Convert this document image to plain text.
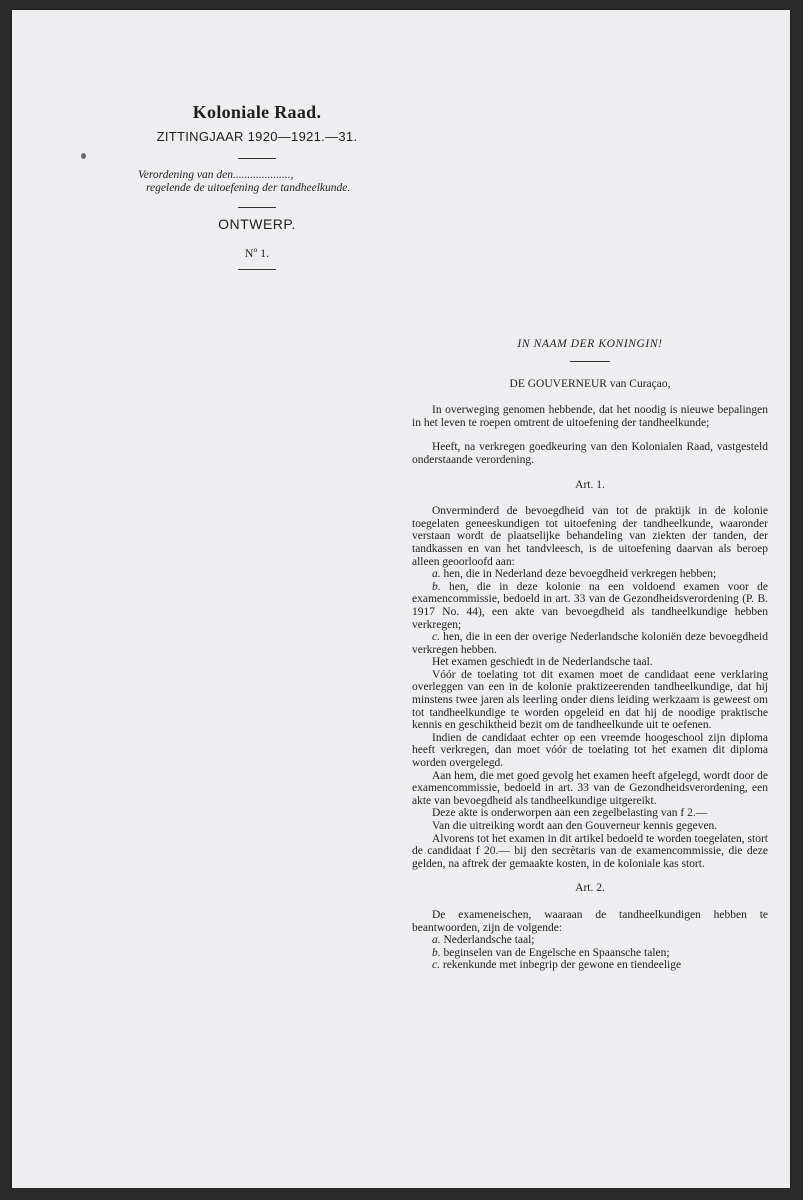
Koloniale Raad.
ZITTINGJAAR 1920—1921.—31.
Verordening van den....................,
regelende de uitoefening der tandheelkunde.
ONTWERP.
Nº 1.
IN NAAM DER KONINGIN!
DE GOUVERNEUR van Curaçao,

In overweging genomen hebbende, dat het noodig is nieuwe bepalingen in het leven te roepen omtrent de uitoefening der tandheelkunde;

Heeft, na verkregen goedkeuring van den Kolonialen Raad, vastgesteld onderstaande verordening.

Art. 1.

Onverminderd de bevoegdheid van tot de praktijk in de kolonie toegelaten geneeskundigen tot uitoefening der tandheelkunde, waaronder verstaan wordt de plaatselijke behandeling van ziekten der tanden, der tandkassen en van het tandvleesch, is de uitoefening daarvan als beroep alleen geoorloofd aan:

a. hen, die in Nederland deze bevoegdheid verkregen hebben;

b. hen, die in deze kolonie na een voldoend examen voor de examencommissie, bedoeld in art. 33 van de Gezondheidsverordening (P. B. 1917 No. 44), een akte van bevoegdheid als tandheelkundige hebben verkregen;

c. hen, die in een der overige Nederlandsche koloniën deze bevoegdheid verkregen hebben.

Het examen geschiedt in de Nederlandsche taal.

Vóór de toelating tot dit examen moet de candidaat eene verklaring overleggen van een in de kolonie praktizeerenden tandheelkundige, dat hij minstens twee jaren als leerling onder diens leiding werkzaam is geweest om tot tandheelkundige te worden opgeleid en dat hij de noodige praktische kennis en geschiktheid bezit om de tandheelkunde uit te oefenen.

Indien de candidaat echter op een vreemde hoogeschool zijn diploma heeft verkregen, dan moet vóór de toelating tot het examen dit diploma worden overgelegd.

Aan hem, die met goed gevolg het examen heeft afgelegd, wordt door de examencommissie, bedoeld in art. 33 van de Gezondheidsverordening, een akte van bevoegdheid als tandheelkundige uitgereikt.

Deze akte is onderworpen aan een zegelbelasting van f 2.—

Van die uitreiking wordt aan den Gouverneur kennis gegeven.

Alvorens tot het examen in dit artikel bedoeld te worden toegelaten, stort de candidaat f 20.— bij den secrètaris van de examencommissie, die deze gelden, na aftrek der gemaakte kosten, in de koloniale kas stort.

Art. 2.

De exameneischen, waaraan de tandheelkundigen hebben te beantwoorden, zijn de volgende:

a. Nederlandsche taal;

b. beginselen van de Engelsche en Spaansche talen;

c. rekenkunde met inbegrip der gewone en tiendeelige
